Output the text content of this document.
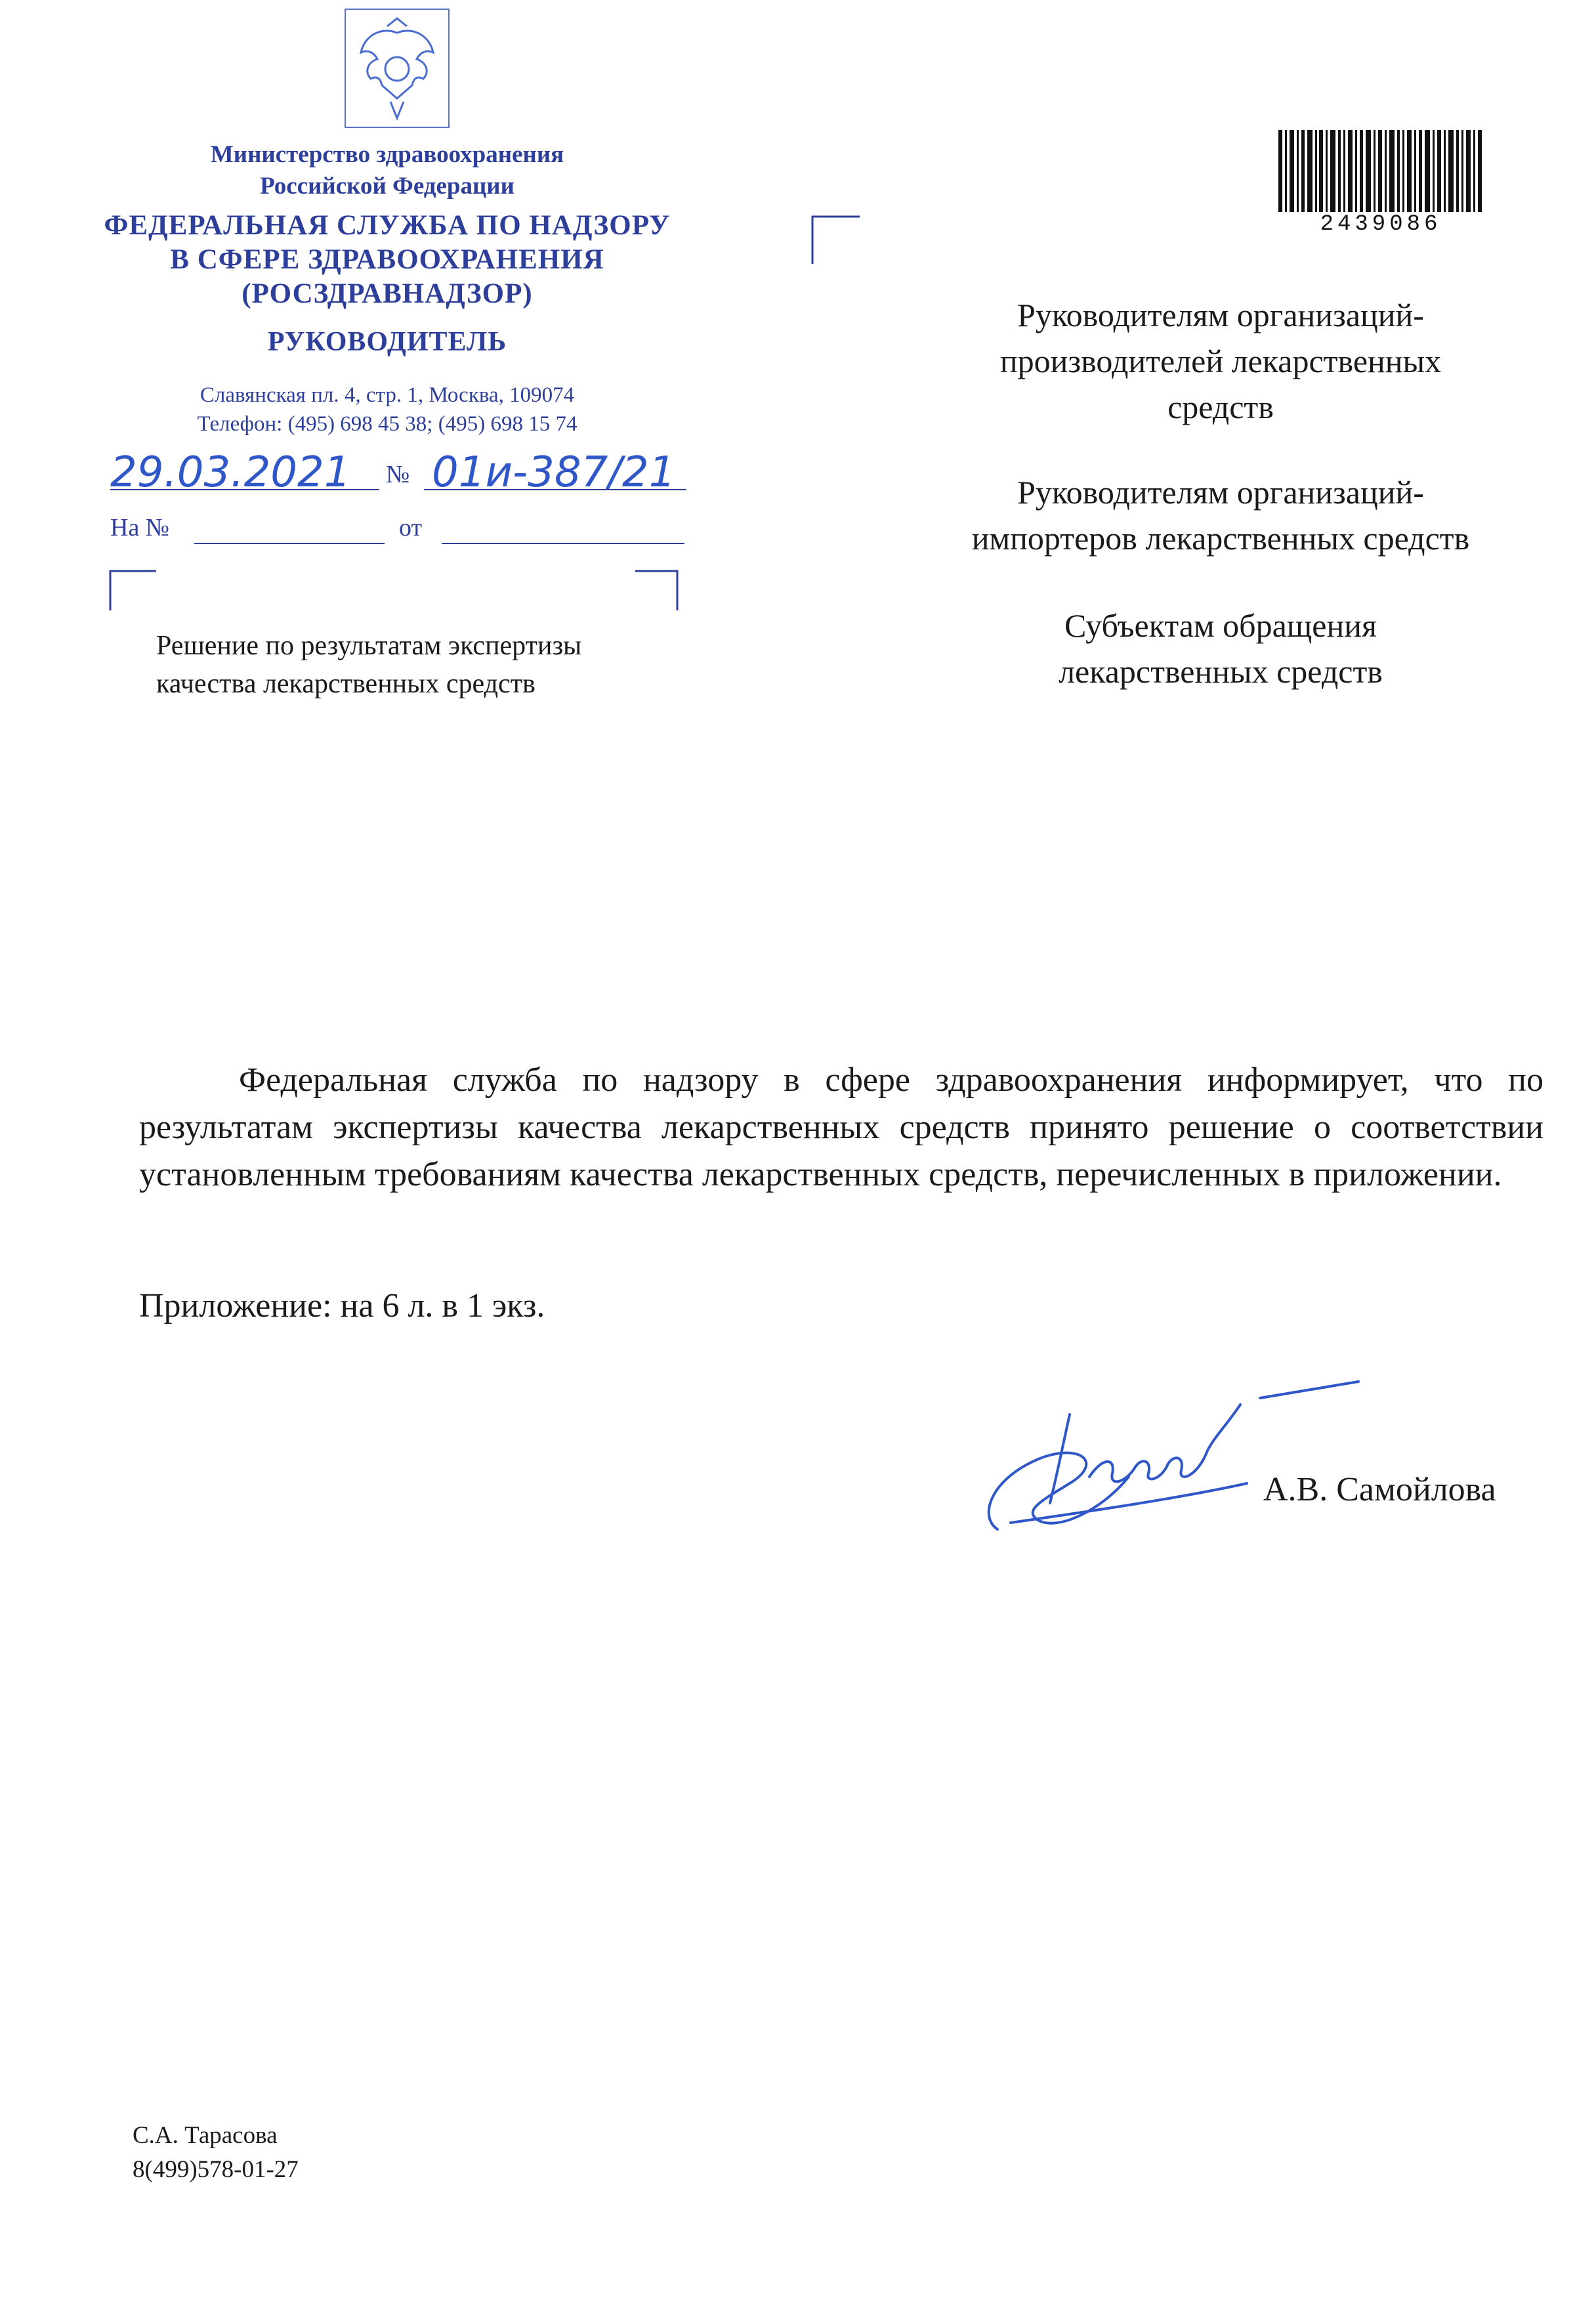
Министерство здравоохранения
Российской Федерации
ФЕДЕРАЛЬНАЯ СЛУЖБА ПО НАДЗОРУ
В СФЕРЕ ЗДРАВООХРАНЕНИЯ
(РОСЗДРАВНАДЗОР)
РУКОВОДИТЕЛЬ
Славянская пл. 4, стр. 1, Москва, 109074
Телефон: (495) 698 45 38; (495) 698 15 74
29.03.2021 № 01и-387/21
На №	от
Решение по результатам экспертизы
качества лекарственных средств
2439086
Руководителям организаций-
производителей лекарственных
средств
Руководителям организаций-
импортеров лекарственных средств
Субъектам обращения
лекарственных средств

Федеральная служба по надзору в сфере здравоохранения информирует, что по результатам экспертизы качества лекарственных средств принято решение о соответствии установленным требованиям качества лекарственных средств, перечисленных в приложении.

Приложение: на 6 л. в 1 экз.
А.В. Самойлова
С.А. Тарасова
8(499)578-01-27
